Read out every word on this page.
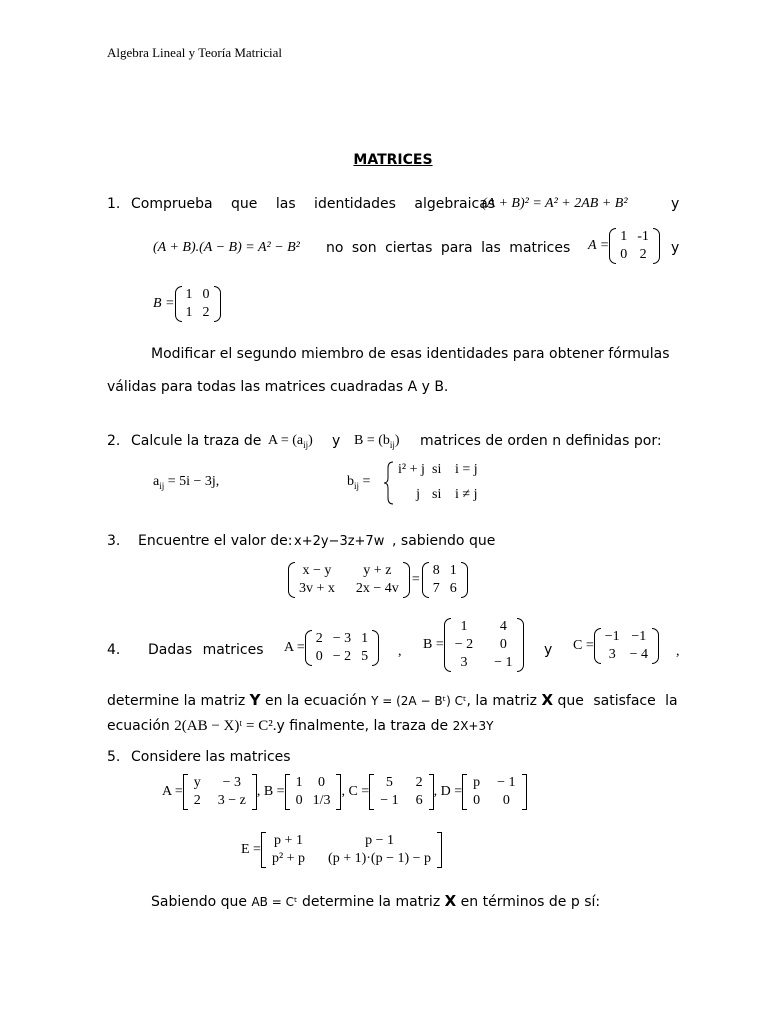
Algebra Lineal y Teoría Matricial
MATRICES
1. Comprueba que las identidades algebraicas
(A + B)² = A² + 2AB + B²	y
(A + B).(A − B) = A² − B² no son ciertas para las matrices A =
1	-1
0	2 y
B =
1	0
1	2
Modificar el segundo miembro de esas identidades para obtener fórmulas
válidas para todas las matrices cuadradas A y B.
2. Calcule la traza de $A = (a_{ij})$ y $B = (b_{ij})$ matrices de orden n definidas por:
$a_{ij} = 5i - 3j$,	$b_{ij}$ =
i² + j si i = j
j si i ≠ j
3. Encuentre el valor de: x+2y−3z+7w , sabiendo que
x − y	y + z
3v + x	2x − 4v
=
8	1
7	6
4. Dadas matrices A =
2	− 3	1
0	− 2	5 , B =
1	4
− 2	0
3	− 1
y C =
−1	−1
3	− 4 ,
determine la matriz Y en la ecuación Y = (2A − Bᵗ) Cᵗ, la matriz X que satisface la
ecuación 2(AB − X)ᵗ = C².y finalmente, la traza de 2X+3Y
5. Considere las matrices
A =
y	− 3
2	3 − z
, B =
1	0
0	1/3
, C =
5	2
− 1	6
, D =
p	− 1
0	0
E =
p + 1	p − 1
p² + p	(p + 1)·(p − 1) − p
Sabiendo que AB = Cᵗ determine la matriz X en términos de p sí:
